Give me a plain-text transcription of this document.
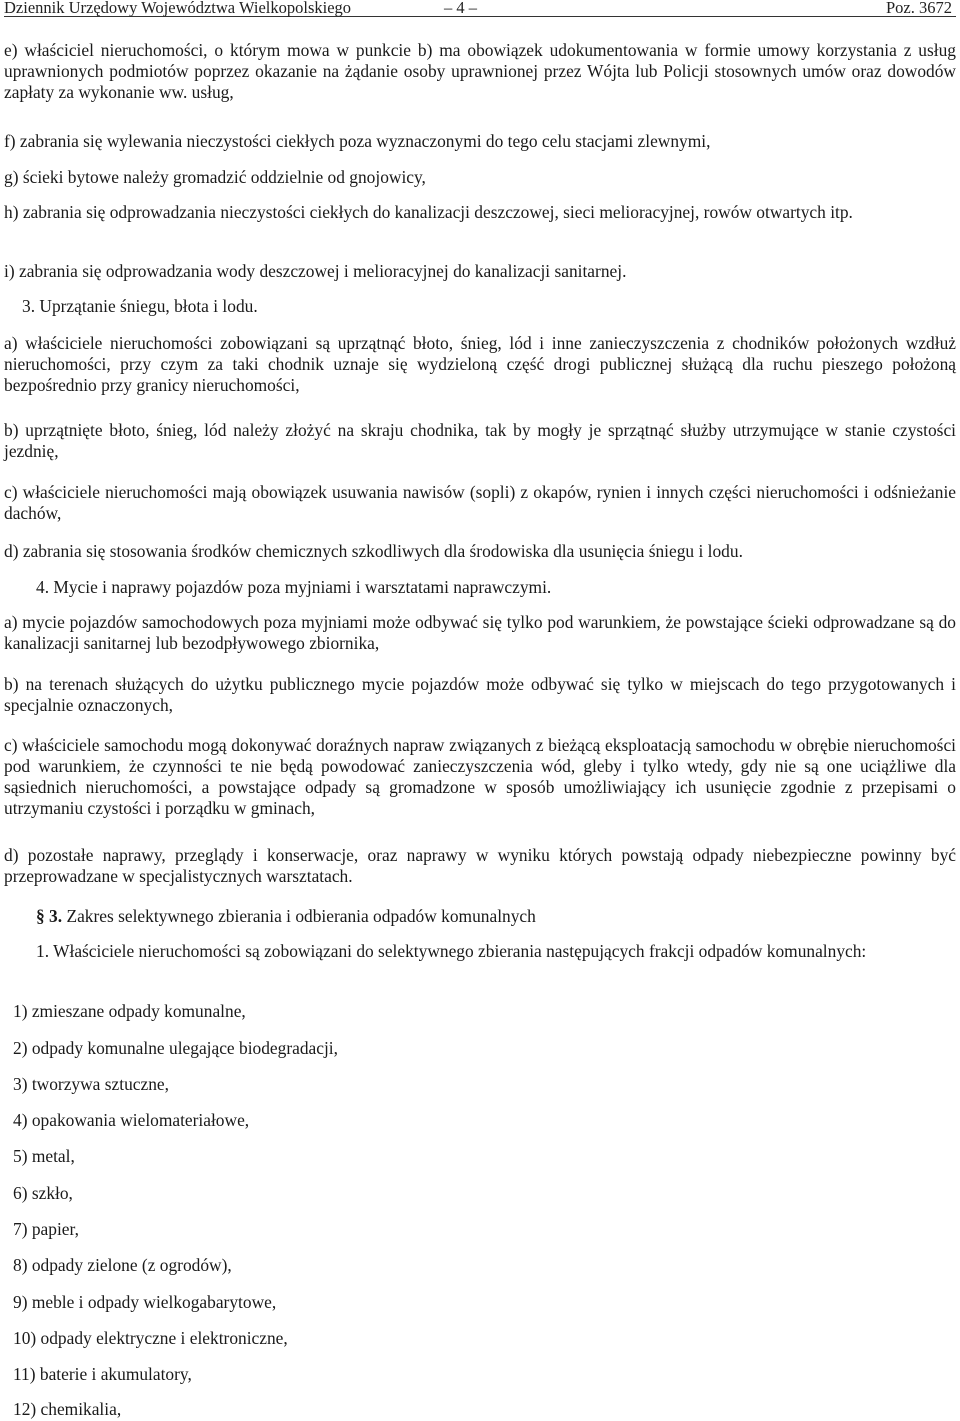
Dziennik Urzędowy Województwa Wielkopolskiego	– 4 –	Poz. 3672
e) właściciel nieruchomości, o którym mowa w punkcie b) ma obowiązek udokumentowania w formie umowy korzystania z usług uprawnionych podmiotów poprzez okazanie na żądanie osoby uprawnionej przez Wójta lub Policji stosownych umów oraz dowodów zapłaty za wykonanie ww. usług,
f) zabrania się wylewania nieczystości ciekłych poza wyznaczonymi do tego celu stacjami zlewnymi,
g) ścieki bytowe należy gromadzić oddzielnie od gnojowicy,
h) zabrania się odprowadzania nieczystości ciekłych do kanalizacji deszczowej, sieci melioracyjnej, rowów otwartych itp.
i) zabrania się odprowadzania wody deszczowej i melioracyjnej do kanalizacji sanitarnej.
3. Uprzątanie śniegu, błota i lodu.
a) właściciele nieruchomości zobowiązani są uprzątnąć błoto, śnieg, lód i inne zanieczyszczenia z chodników położonych wzdłuż nieruchomości, przy czym za taki chodnik uznaje się wydzieloną część drogi publicznej służącą dla ruchu pieszego położoną bezpośrednio przy granicy nieruchomości,
b) uprzątnięte błoto, śnieg, lód należy złożyć na skraju chodnika, tak by mogły je sprzątnąć służby utrzymujące w stanie czystości jezdnię,
c) właściciele nieruchomości mają obowiązek usuwania nawisów (sopli) z okapów, rynien i innych części nieruchomości i odśnieżanie dachów,
d) zabrania się stosowania środków chemicznych szkodliwych dla środowiska dla usunięcia śniegu i lodu.
4. Mycie i naprawy pojazdów poza myjniami i warsztatami naprawczymi.
a) mycie pojazdów samochodowych poza myjniami może odbywać się tylko pod warunkiem, że powstające ścieki odprowadzane są do kanalizacji sanitarnej lub bezodpływowego zbiornika,
b) na terenach służących do użytku publicznego mycie pojazdów może odbywać się tylko w miejscach do tego przygotowanych i specjalnie oznaczonych,
c) właściciele samochodu mogą dokonywać doraźnych napraw związanych z bieżącą eksploatacją samochodu w obrębie nieruchomości pod warunkiem, że czynności te nie będą powodować zanieczyszczenia wód, gleby i tylko wtedy, gdy nie są one uciążliwe dla sąsiednich nieruchomości, a powstające odpady są gromadzone w sposób umożliwiający ich usunięcie zgodnie z przepisami o utrzymaniu czystości i porządku w gminach,
d) pozostałe naprawy, przeglądy i konserwacje, oraz naprawy w wyniku których powstają odpady niebezpieczne powinny być przeprowadzane w specjalistycznych warsztatach.
§ 3. Zakres selektywnego zbierania i odbierania odpadów komunalnych
1. Właściciele nieruchomości są zobowiązani do selektywnego zbierania następujących frakcji odpadów komunalnych:
1) zmieszane odpady komunalne,
2) odpady komunalne ulegające biodegradacji,
3) tworzywa sztuczne,
4) opakowania wielomateriałowe,
5) metal,
6) szkło,
7) papier,
8) odpady zielone (z ogrodów),
9) meble i odpady wielkogabarytowe,
10) odpady elektryczne i elektroniczne,
11) baterie i akumulatory,
12) chemikalia,
